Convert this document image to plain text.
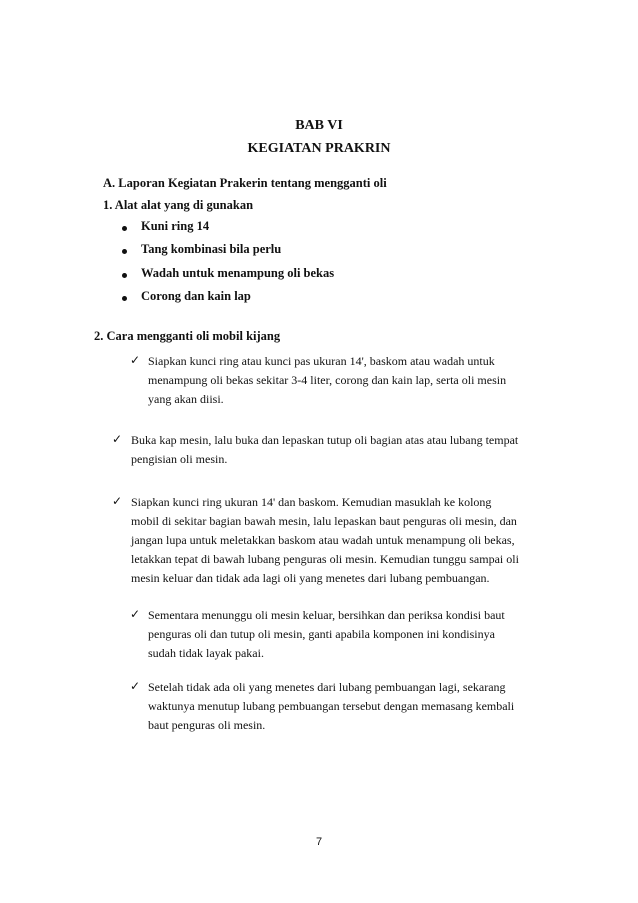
BAB VI
KEGIATAN PRAKRIN
A. Laporan Kegiatan Prakerin tentang mengganti oli
1. Alat alat yang di gunakan
Kuni ring 14
Tang kombinasi bila perlu
Wadah untuk menampung oli bekas
Corong dan kain lap
2. Cara mengganti oli mobil kijang
✓ Siapkan kunci ring atau kunci pas ukuran 14', baskom atau wadah untuk
menampung oli bekas sekitar 3-4 liter, corong dan kain lap, serta oli mesin
yang akan diisi.
✓ Buka kap mesin, lalu buka dan lepaskan tutup oli bagian atas atau lubang tempat
pengisian oli mesin.
✓ Siapkan kunci ring ukuran 14' dan baskom. Kemudian masuklah ke kolong
mobil di sekitar bagian bawah mesin, lalu lepaskan baut penguras oli mesin, dan
jangan lupa untuk meletakkan baskom atau wadah untuk menampung oli bekas,
letakkan tepat di bawah lubang penguras oli mesin. Kemudian tunggu sampai oli
mesin keluar dan tidak ada lagi oli yang menetes dari lubang pembuangan.
✓ Sementara menunggu oli mesin keluar, bersihkan dan periksa kondisi baut
penguras oli dan tutup oli mesin, ganti apabila komponen ini kondisinya
sudah tidak layak pakai.
✓ Setelah tidak ada oli yang menetes dari lubang pembuangan lagi, sekarang
waktunya menutup lubang pembuangan tersebut dengan memasang kembali
baut penguras oli mesin.
7
